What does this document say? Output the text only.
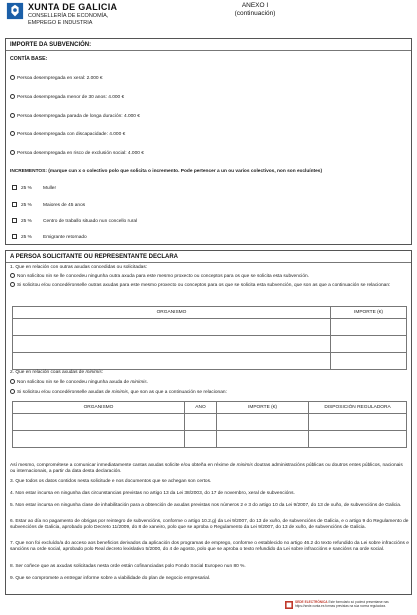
XUNTA DE GALICIA
CONSELLERÍA DE ECONOMÍA,
EMPREGO E INDUSTRIA
ANEXO I
(continuación)
IMPORTE DA SUBVENCIÓN:
CONTÍA BASE:
Persoa desempregada en xeral: 2.000 €
Persoa desempregada menor de 30 anos: 4.000 €
Persoa desempregada parada de longa duración: 4.000 €
Persoa desempregada con discapacidade: 4.000 €
Persoa desempregada en risco de exclusión social: 4.000 €
INCREMENTOS: (marque cun x o colectivo polo que solicita o incremento. Pode pertencer a un ou varios colectivos, non son excluíntes)
25 % Muller
25 % Maiores de 45 anos
25 % Centro de traballo situado nun concello rural
25 % Emigrante retornado
A PERSOA SOLICITANTE OU REPRESENTANTE DECLARA
1. Que en relación con outras axudas concedidas ou solicitadas:
Non solicitou nin se lle concedeu ningunha outra axuda para este mesmo proxecto ou conceptos para os que se solicita esta subvención.
Si solicitou e/ou concedéronselle outras axudas para este mesmo proxecto ou conceptos para os que se solicita esta subvención, que son as que a continuación se relacionan:
ORGANISMO	IMPORTE (€)

2. Que en relación coas axudas de minimis:
Non solicitou nin se lle concedeu ningunha axuda de minimis.
Si solicitou e/ou concedéronselle axudas de minimis, que son as que a continuación se relacionan:
ORGANISMO	ANO	IMPORTE (€)	DISPOSICIÓN REGULADORA

Así mesmo, comprométese a comunicar inmediatamente cantas axudas solicite e/ou obteña en réxime de minimis doutras administracións públicas ou doutros entes públicos, nacionais ou internacionais, a partir da data desta declaración.
3. Que todos os datos contidos nesta solicitude e nos documentos que se achegan son certos.
4. Non estar incursa en ningunha das circunstancias previstas no artigo 13 da Lei 38/2003, do 17 de novembro, xeral de subvencións.
5. Non estar incursa en ningunha clase de inhabilitación para a obtención de axudas previstas nos números 2 e 3 do artigo 10 da Lei 9/2007, do 13 de xuño, de subvencións de Galicia.
6. Estar ao día no pagamento de obrigas por reintegro de subvencións, conforme o artigo 10.2.g) da Lei 9/2007, do 13 de xuño, de subvencións de Galicia, e o artigo 9 do Regulamento de subvencións de Galicia, aprobado polo Decreto 11/2009, do 8 de xaneiro, polo que se aproba o Regulamento da Lei 9/2007, do 13 de xuño, de subvencións de Galicia.
7. Que non foi excluído/a do acceso aos beneficios derivados da aplicación dos programas de emprego, conforme o establecido no artigo 46.2 do texto refundido da Lei sobre infraccións e sancións na orde social, aprobado polo Real decreto lexislativo 5/2000, do 4 de agosto, polo que se aproba o texto refundido da Lei sobre infraccións e sancións na orde social.
8. Ser coñece que as axudas solicitadas nesta orde están cofinanciadas polo Fondo Social Europeo nun 80 %.
9. Que se compromete a entregar informe sobre a viabilidade do plan de negocio empresarial.
SEDE ELECTRÓNICA Este formulario só poderá presentarse nas https://sede.xunta.es formas previstas na súa norma reguladora.
